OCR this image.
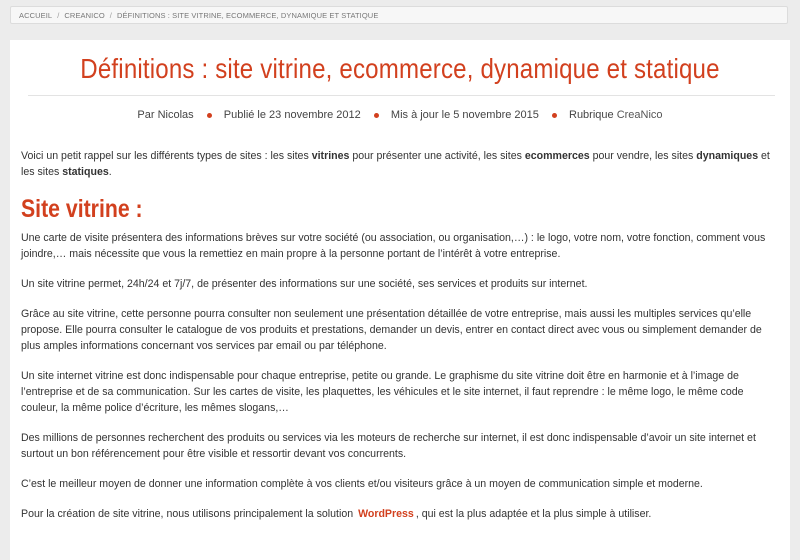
ACCUEIL / CREANICO / DÉFINITIONS : SITE VITRINE, ECOMMERCE, DYNAMIQUE ET STATIQUE
Définitions : site vitrine, ecommerce, dynamique et statique
Par Nicolas	Publié le 23 novembre 2012	Mis à jour le 5 novembre 2015	Rubrique CreaNico

Voici un petit rappel sur les différents types de sites : les sites vitrines pour présenter une activité, les sites ecommerces pour vendre, les sites dynamiques et les sites statiques.

Site vitrine :

Une carte de visite présentera des informations brèves sur votre société (ou association, ou organisation,…) : le logo, votre nom, votre fonction, comment vous joindre,… mais nécessite que vous la remettiez en main propre à la personne portant de l’intérêt à votre entreprise.

Un site vitrine permet, 24h/24 et 7j/7, de présenter des informations sur une société, ses services et produits sur internet.

Grâce au site vitrine, cette personne pourra consulter non seulement une présentation détaillée de votre entreprise, mais aussi les multiples services qu’elle propose. Elle pourra consulter le catalogue de vos produits et prestations, demander un devis, entrer en contact direct avec vous ou simplement demander de plus amples informations concernant vos services par email ou par téléphone.

Un site internet vitrine est donc indispensable pour chaque entreprise, petite ou grande. Le graphisme du site vitrine doit être en harmonie et à l’image de l’entreprise et de sa communication. Sur les cartes de visite, les plaquettes, les véhicules et le site internet, il faut reprendre : le même logo, le même code couleur, la même police d’écriture, les mêmes slogans,…

Des millions de personnes recherchent des produits ou services via les moteurs de recherche sur internet, il est donc indispensable d’avoir un site internet et surtout un bon référencement pour être visible et ressortir devant vos concurrents.

C’est le meilleur moyen de donner une information complète à vos clients et/ou visiteurs grâce à un moyen de communication simple et moderne.

Pour la création de site vitrine, nous utilisons principalement la solution WordPress , qui est la plus adaptée et la plus simple à utiliser.
